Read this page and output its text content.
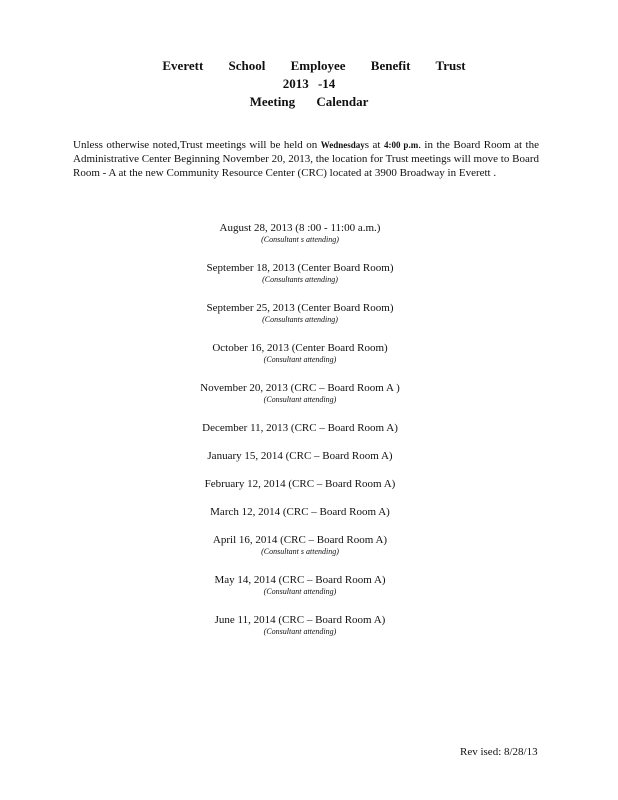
Everett School Employee Benefit Trust
2013 -14
Meeting Calendar
Unless otherwise noted,Trust meetings will be held on Wednesdays at 4:00 p.m. in the Board Room at the Administrative Center Beginning November 20, 2013, the location for Trust meetings will move to Board Room - A at the new Community Resource Center (CRC) located at 3900 Broadway in Everett .
August 28, 2013 (8 :00 - 11:00 a.m.)
(Consultant s attending)
September 18, 2013 (Center Board Room)
(Consultants attending)
September 25, 2013 (Center Board Room)
(Consultants attending)
October 16, 2013 (Center Board Room)
(Consultant attending)
November 20, 2013 (CRC – Board Room A )
(Consultant attending)
December 11, 2013 (CRC – Board Room A)
January 15, 2014 (CRC – Board Room A)
February 12, 2014 (CRC – Board Room A)
March 12, 2014 (CRC – Board Room A)
April 16, 2014 (CRC – Board Room A)
(Consultant s attending)
May 14, 2014 (CRC – Board Room A)
(Consultant attending)
June 11, 2014 (CRC – Board Room A)
(Consultant attending)
Rev ised: 8/28/13
